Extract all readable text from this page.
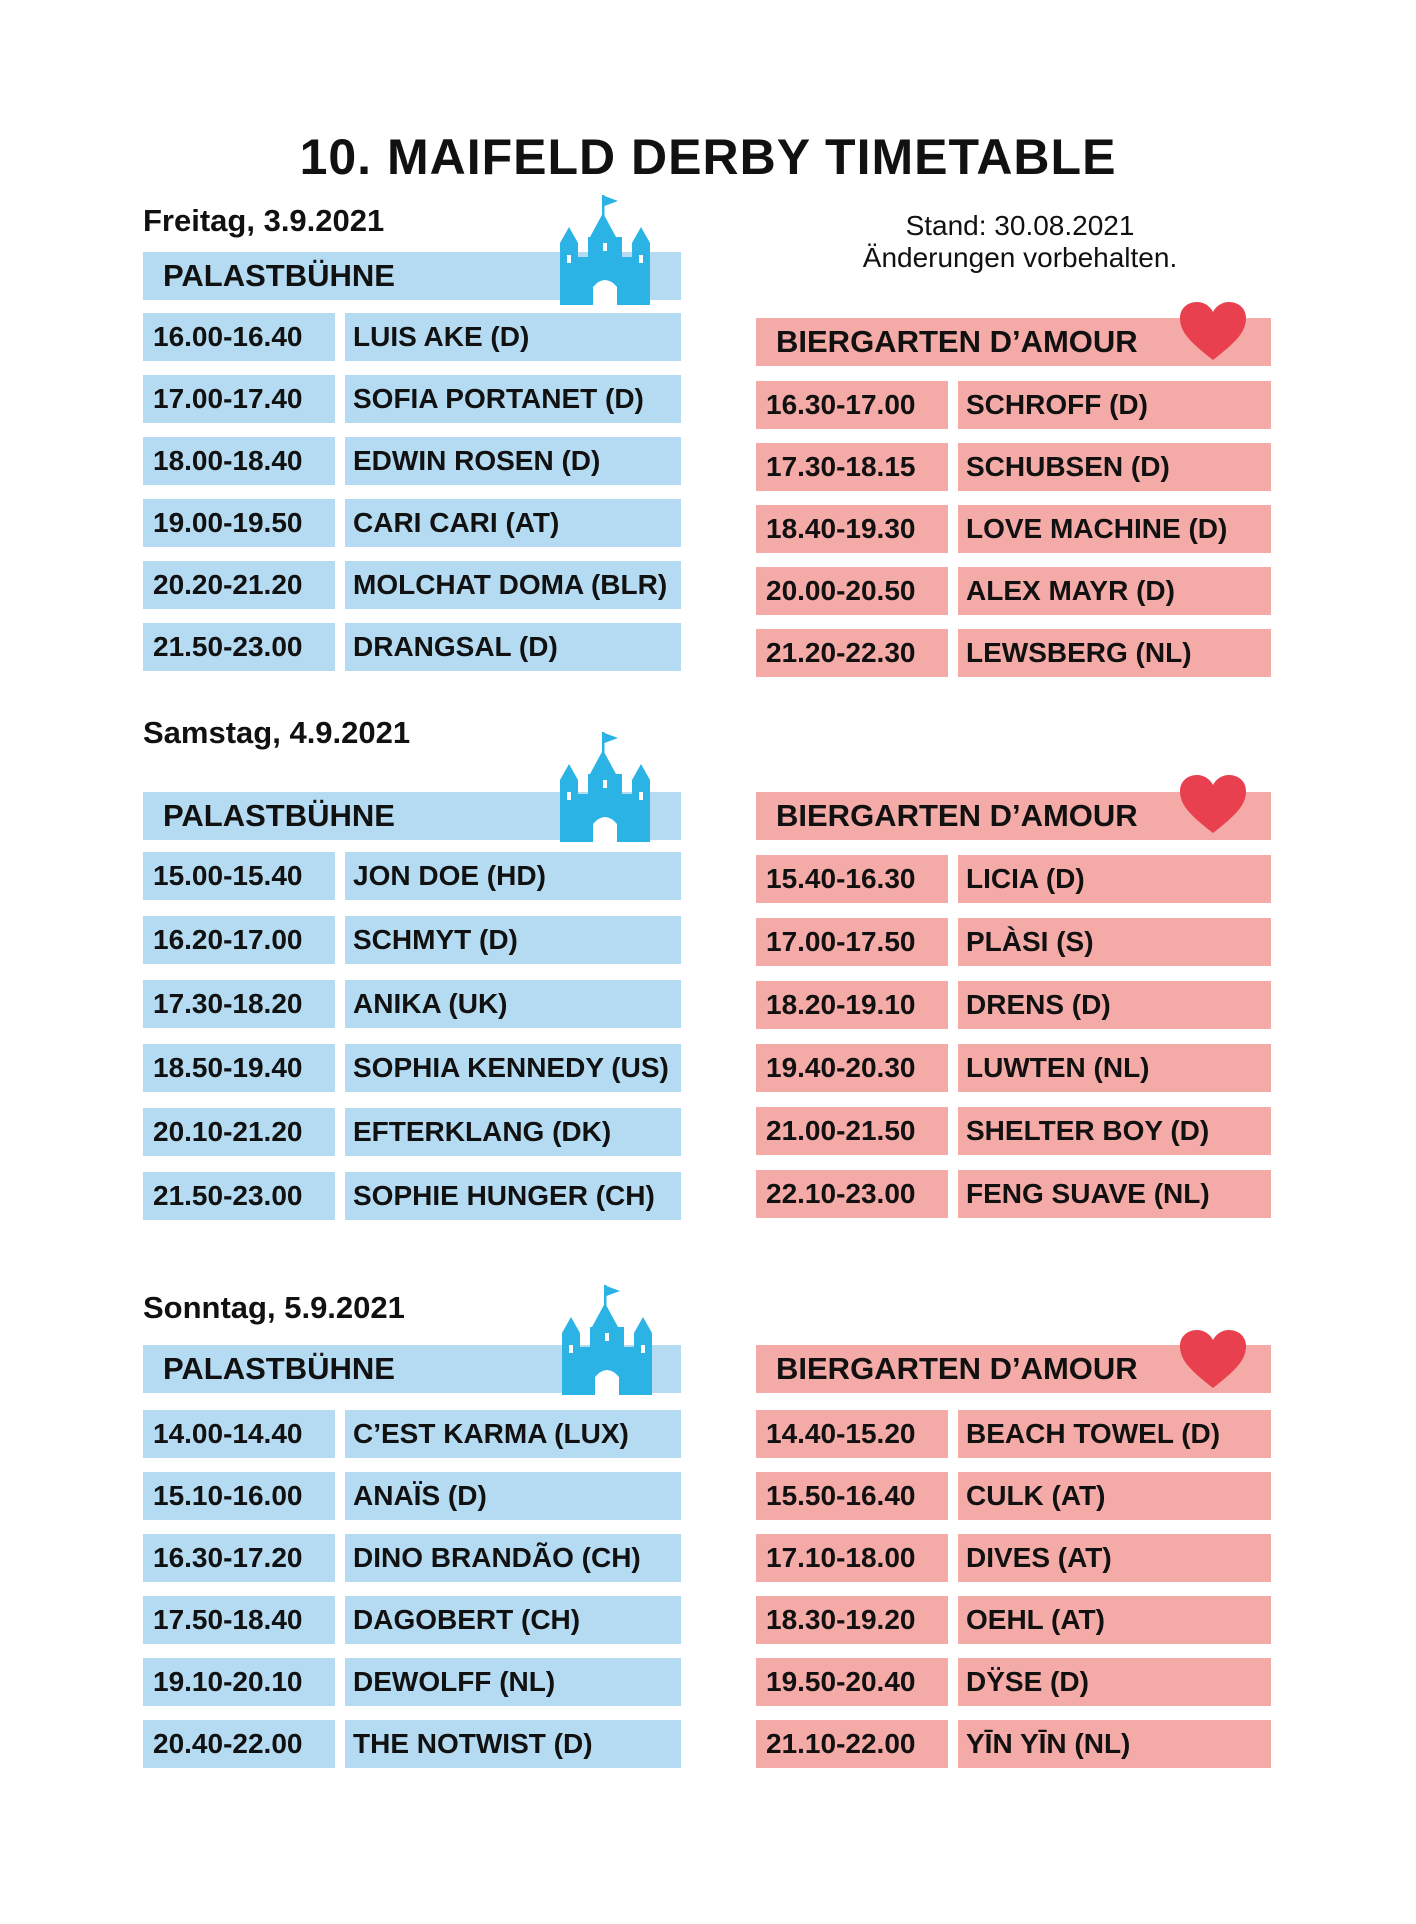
10. MAIFELD DERBY TIMETABLE
Stand: 30.08.2021
Änderungen vorbehalten.
Freitag, 3.9.2021
PALASTBÜHNE
16.00-16.40	LUIS AKE (D)
17.00-17.40	SOFIA PORTANET (D)
18.00-18.40	EDWIN ROSEN (D)
19.00-19.50	CARI CARI (AT)
20.20-21.20	MOLCHAT DOMA (BLR)
21.50-23.00	DRANGSAL (D)
BIERGARTEN D’AMOUR
16.30-17.00	SCHROFF (D)
17.30-18.15	SCHUBSEN (D)
18.40-19.30	LOVE MACHINE (D)
20.00-20.50	ALEX MAYR (D)
21.20-22.30	LEWSBERG (NL)
Samstag, 4.9.2021
PALASTBÜHNE
15.00-15.40	JON DOE (HD)
16.20-17.00	SCHMYT (D)
17.30-18.20	ANIKA (UK)
18.50-19.40	SOPHIA KENNEDY (US)
20.10-21.20	EFTERKLANG (DK)
21.50-23.00	SOPHIE HUNGER (CH)
BIERGARTEN D’AMOUR
15.40-16.30	LICIA (D)
17.00-17.50	PLÀSI (S)
18.20-19.10	DRENS (D)
19.40-20.30	LUWTEN (NL)
21.00-21.50	SHELTER BOY (D)
22.10-23.00	FENG SUAVE (NL)
Sonntag, 5.9.2021
PALASTBÜHNE
14.00-14.40	C’EST KARMA (LUX)
15.10-16.00	ANAÏS (D)
16.30-17.20	DINO BRANDÃO (CH)
17.50-18.40	DAGOBERT (CH)
19.10-20.10	DEWOLFF (NL)
20.40-22.00	THE NOTWIST (D)
BIERGARTEN D’AMOUR
14.40-15.20	BEACH TOWEL (D)
15.50-16.40	CULK (AT)
17.10-18.00	DIVES (AT)
18.30-19.20	OEHL (AT)
19.50-20.40	DŸSE (D)
21.10-22.00	YĪN YĪN (NL)
